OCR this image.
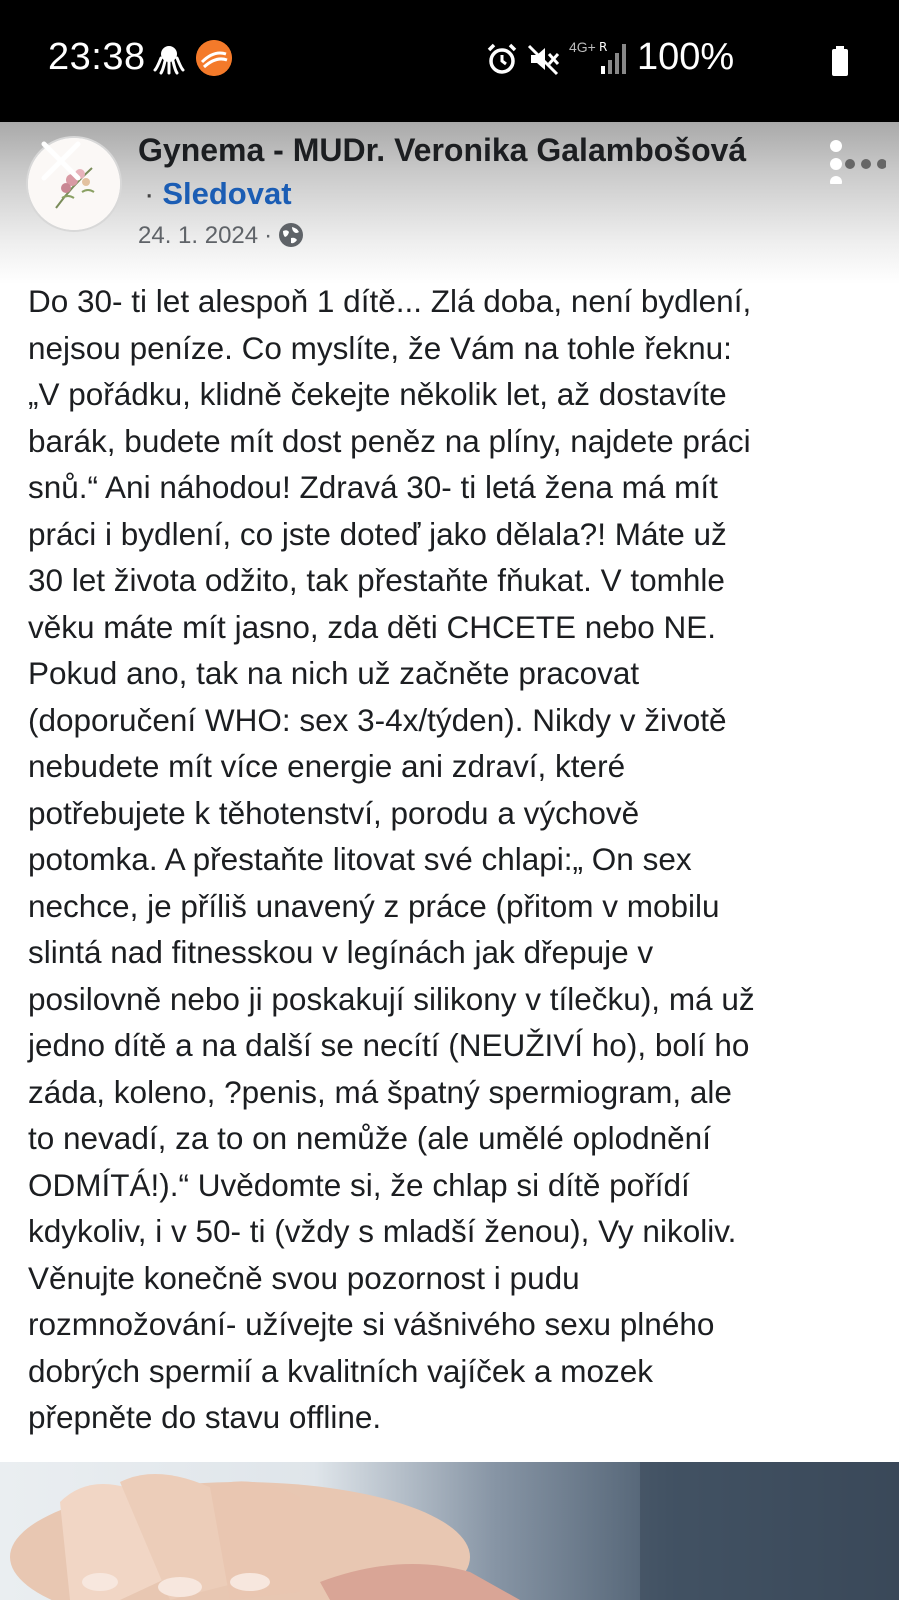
23:38	4G+ R 100%
Gynema - MUDr. Veronika Galambošová
· Sledovat
24. 1. 2024 ·

Do 30- ti let alespoň 1 dítě... Zlá doba, není bydlení,

nejsou peníze. Co myslíte, že Vám na tohle řeknu:

„V pořádku, klidně čekejte několik let, až dostavíte

barák, budete mít dost peněz na plíny, najdete práci

snů.“ Ani náhodou! Zdravá 30- ti letá žena má mít

práci i bydlení, co jste doteď jako dělala?! Máte už

30 let života odžito, tak přestaňte fňukat. V tomhle

věku máte mít jasno, zda děti CHCETE nebo NE.

Pokud ano, tak na nich už začněte pracovat

(doporučení WHO: sex 3-4x/týden). Nikdy v životě

nebudete mít více energie ani zdraví, které

potřebujete k těhotenství, porodu a výchově

potomka. A přestaňte litovat své chlapi:„ On sex

nechce, je příliš unavený z práce (přitom v mobilu

slintá nad fitnesskou v legínách jak dřepuje v

posilovně nebo ji poskakují silikony v tílečku), má už

jedno dítě a na další se necítí (NEUŽIVÍ ho), bolí ho

záda, koleno, ?penis, má špatný spermiogram, ale

to nevadí, za to on nemůže (ale umělé oplodnění

ODMÍTÁ!).“ Uvědomte si, že chlap si dítě pořídí

kdykoliv, i v 50- ti (vždy s mladší ženou), Vy nikoliv.

Věnujte konečně svou pozornost i pudu

rozmnožování- užívejte si vášnivého sexu plného

dobrých spermií a kvalitních vajíček a mozek

přepněte do stavu offline.
